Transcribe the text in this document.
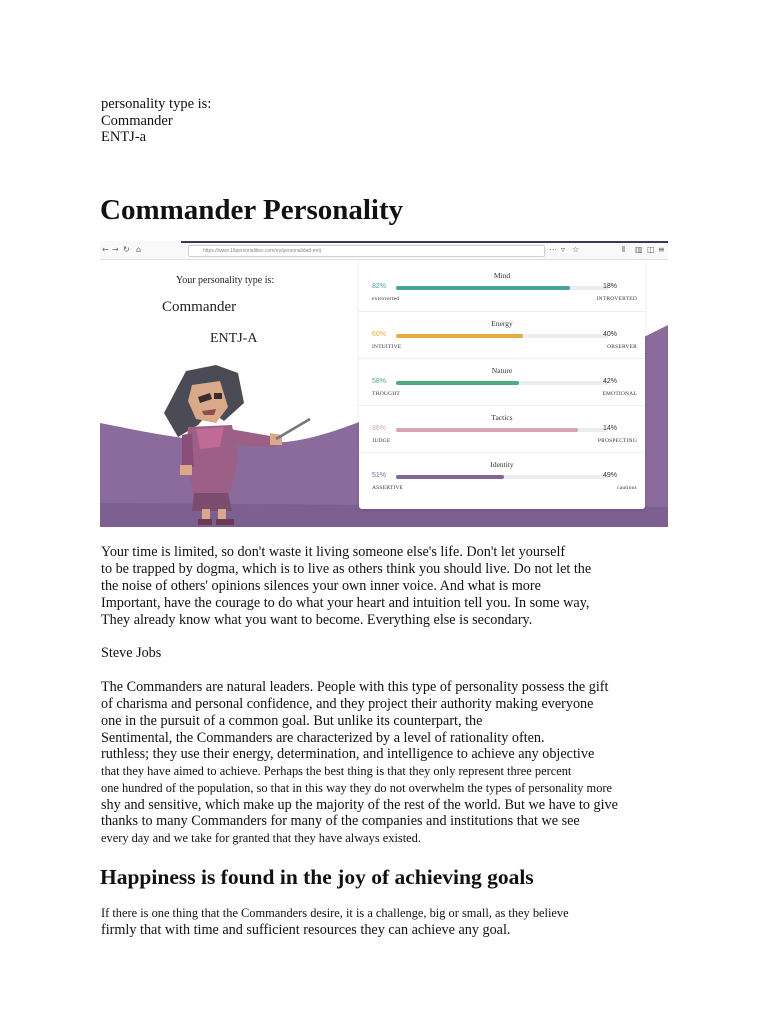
personality type is:
Commander
ENTJ-a
Commander Personality
← → ↻ ⌂	https://www.16personalities.com/es/personalidad-entj	⋯ ▿ ☆	⫴ ▥ ◫ ≡
Your personality type is:
Commander
ENTJ-A
Mind
82%	18%
extroverted	INTROVERTED
Energy
60%	40%
INTUITIVE	OBSERVER
Nature
58%	42%
THOUGHT	EMOTIONAL
Tactics
86%	14%
JUDGE	PROSPECTING
Identity
51%	49%
ASSERTIVE	cautious
Your time is limited, so don't waste it living someone else's life. Don't let yourself
to be trapped by dogma, which is to live as others think you should live. Do not let the
the noise of others' opinions silences your own inner voice. And what is more
Important, have the courage to do what your heart and intuition tell you. In some way,
They already know what you want to become. Everything else is secondary.
Steve Jobs
The Commanders are natural leaders. People with this type of personality possess the gift
of charisma and personal confidence, and they project their authority making everyone
one in the pursuit of a common goal. But unlike its counterpart, the
Sentimental, the Commanders are characterized by a level of rationality often.
ruthless; they use their energy, determination, and intelligence to achieve any objective
that they have aimed to achieve. Perhaps the best thing is that they only represent three percent
one hundred of the population, so that in this way they do not overwhelm the types of personality more
shy and sensitive, which make up the majority of the rest of the world. But we have to give
thanks to many Commanders for many of the companies and institutions that we see
every day and we take for granted that they have always existed.
Happiness is found in the joy of achieving goals
If there is one thing that the Commanders desire, it is a challenge, big or small, as they believe
firmly that with time and sufficient resources they can achieve any goal.
